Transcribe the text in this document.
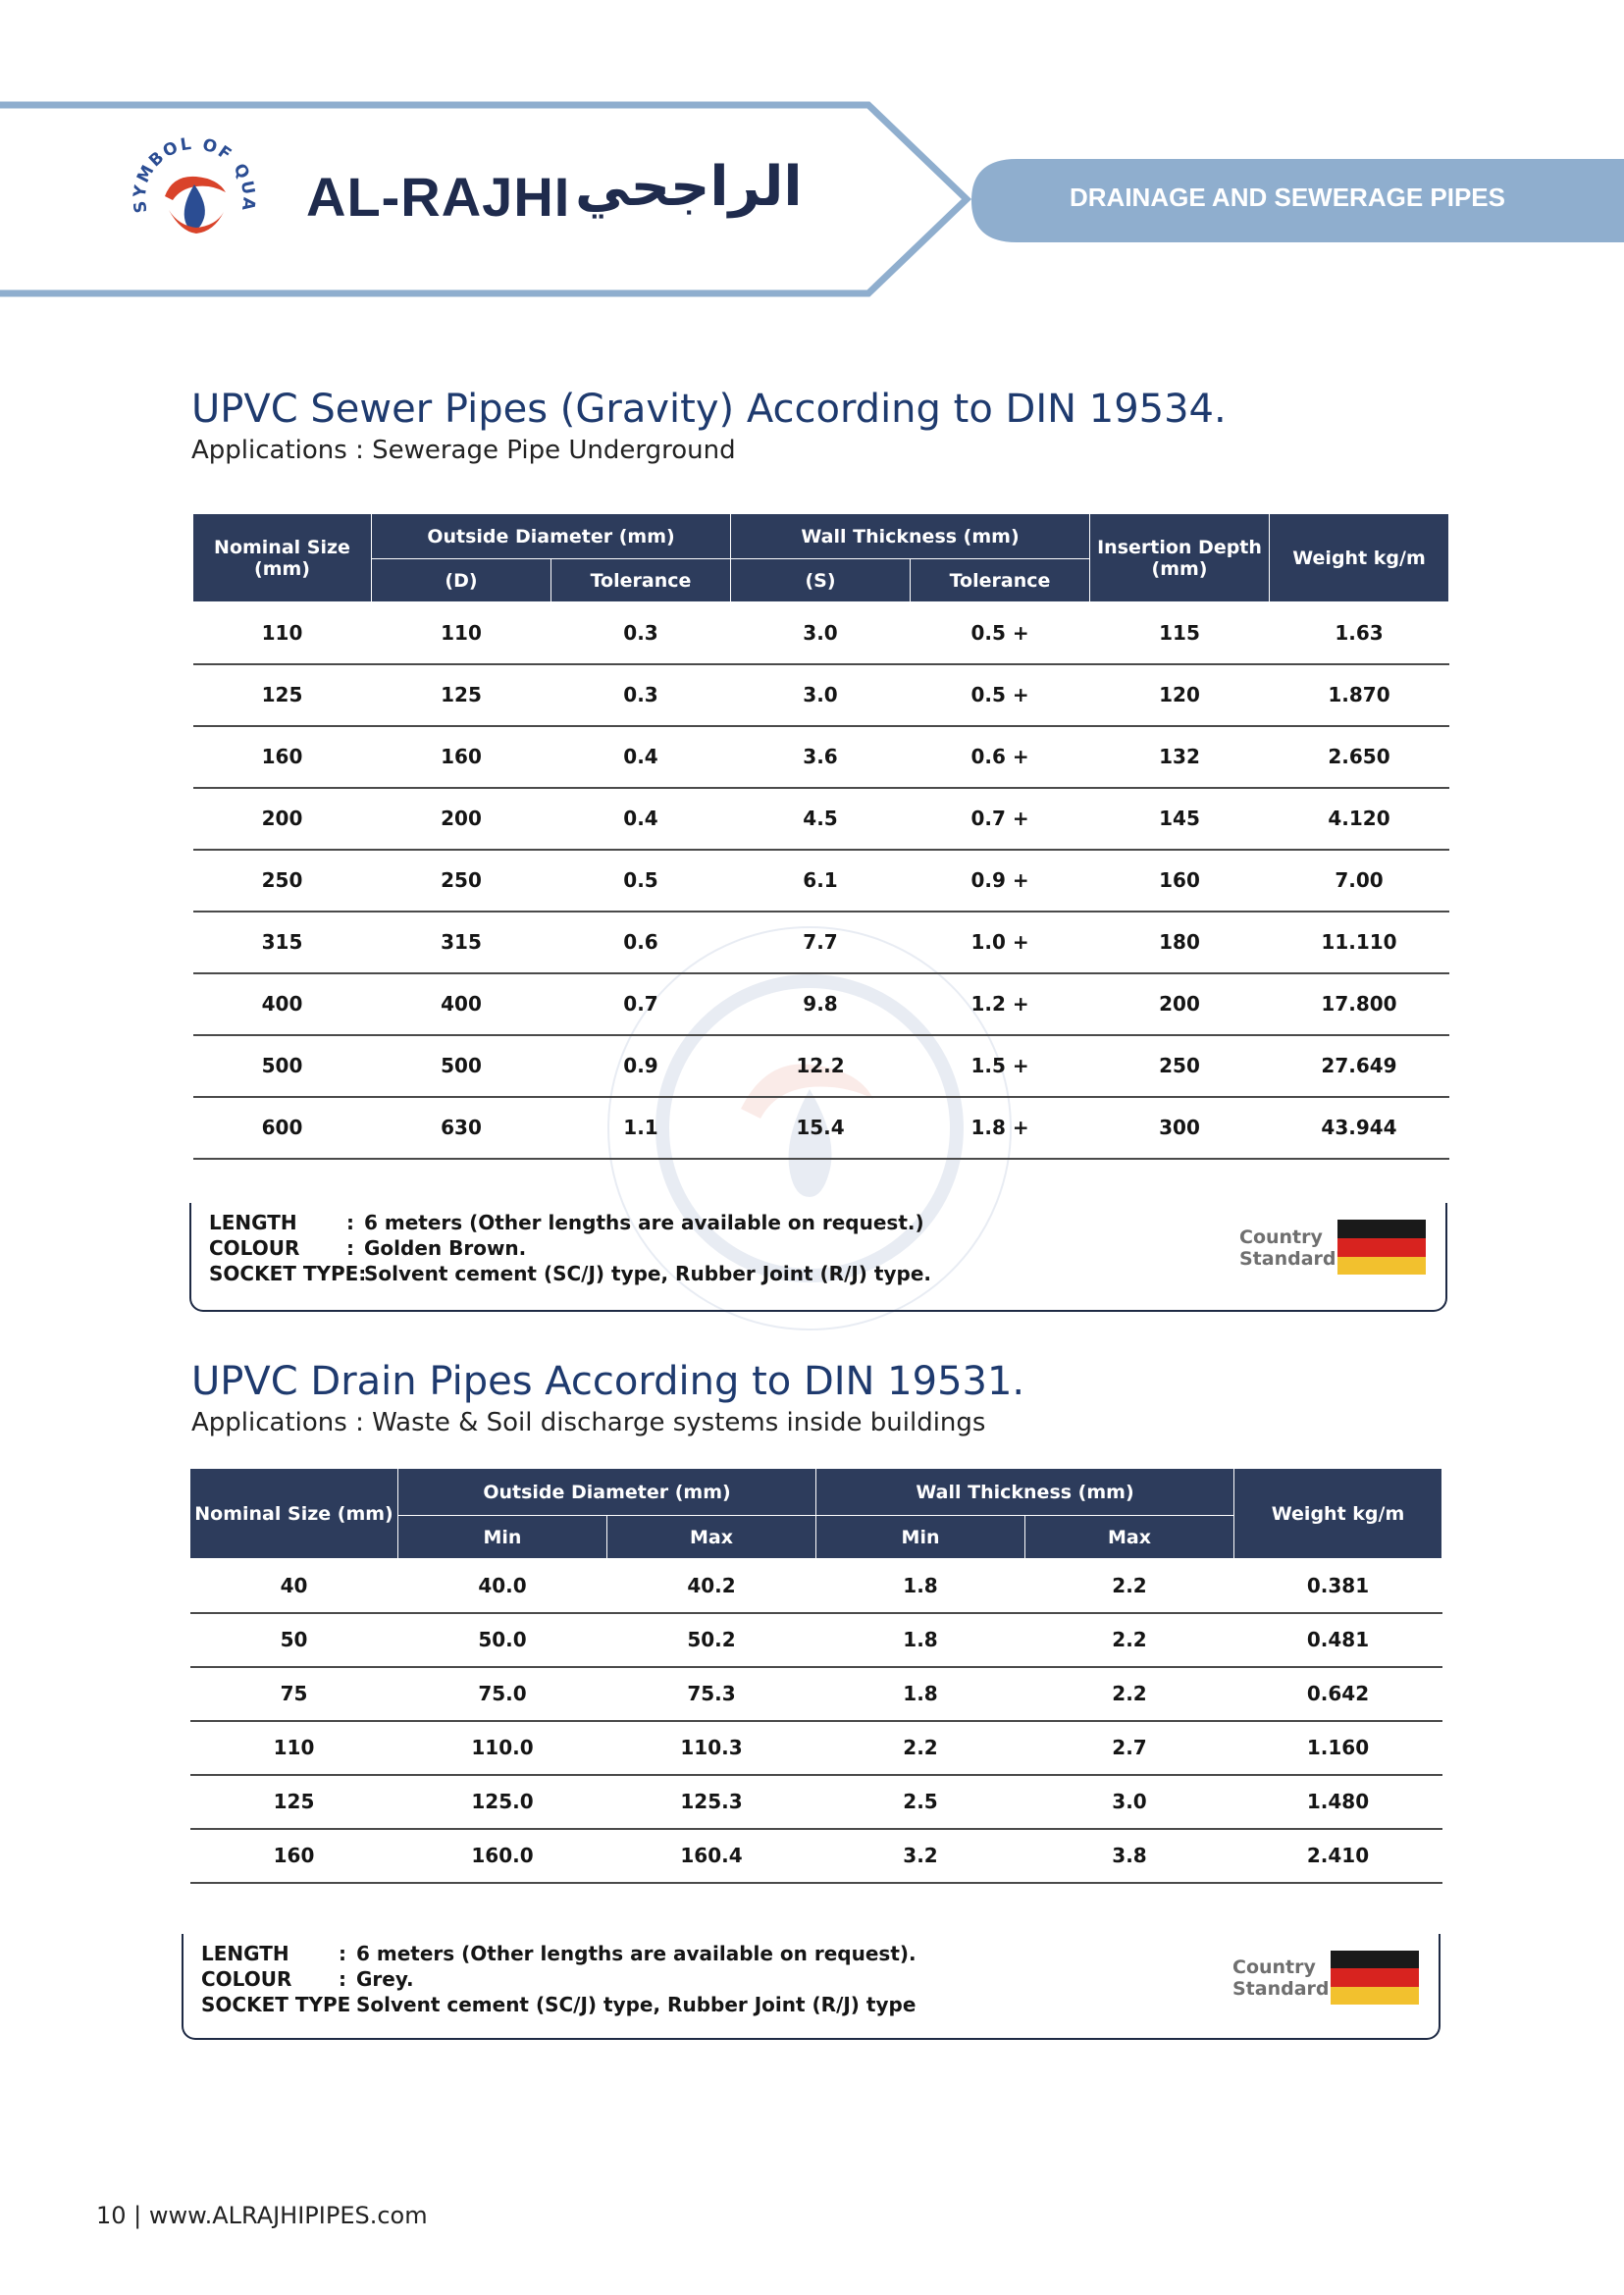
SYMBOL OF QUA AL-RAJHI الراجحي	DRAINAGE AND SEWERAGE PIPES
UPVC Sewer Pipes (Gravity) According to DIN 19534.
Applications : Sewerage Pipe Underground
Nominal Size (mm)	Outside Diameter (mm)		Wall Thickness (mm)		Insertion Depth (mm)	Weight kg/m
	(D)	Tolerance	(S)	Tolerance		
110	110	0.3	3.0	0.5 +	115	1.63
125	125	0.3	3.0	0.5 +	120	1.870
160	160	0.4	3.6	0.6 +	132	2.650
200	200	0.4	4.5	0.7 +	145	4.120
250	250	0.5	6.1	0.9 +	160	7.00
315	315	0.6	7.7	1.0 +	180	11.110
400	400	0.7	9.8	1.2 +	200	17.800
500	500	0.9	12.2	1.5 +	250	27.649
600	630	1.1	15.4	1.8 +	300	43.944
LENGTH	: 6 meters (Other lengths are available on request.)
COLOUR : Golden Brown.
SOCKET TYPE:Solvent cement (SC/J) type, Rubber Joint (R/J) type.
Country
Standard
UPVC Drain Pipes According to DIN 19531.
Applications : Waste & Soil discharge systems inside buildings
Nominal Size (mm)	Outside Diameter (mm)		Wall Thickness (mm)		Weight kg/m
	Min	Max	Min	Max	
40	40.0	40.2	1.8	2.2	0.381
50	50.0	50.2	1.8	2.2	0.481
75	75.0	75.3	1.8	2.2	0.642
110	110.0	110.3	2.2	2.7	1.160
125	125.0	125.3	2.5	3.0	1.480
160	160.0	160.4	3.2	3.8	2.410
LENGTH	: 6 meters (Other lengths are available on request).
COLOUR : Grey.
SOCKET TYPE Solvent cement (SC/J) type, Rubber Joint (R/J) type
Country
Standard
10 | www.ALRAJHIPIPES.com
